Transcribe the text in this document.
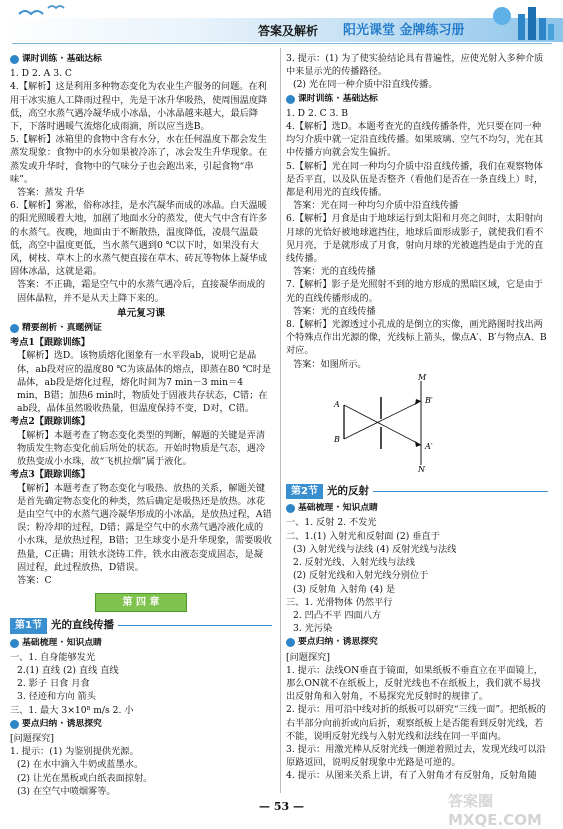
答案及解析 阳光课堂 金牌练习册
课时训练 · 基础达标

1. D 2. A 3. C

4.【解析】这是利用多种物态变化为农业生产服务的问题。在利用干冰实施人工降雨过程中，先是干冰升华吸热，使周围温度降低，高空水蒸气遇冷凝华成小冰晶，小冰晶越来越大，最后降下，下落时遇暖气流熔化成雨滴，所以应当选B。

5.【解析】冰箱里的食物中含有水分，水在任何温度下都会发生蒸发现象：食物中的水分如果被冷冻了，冰会发生升华现象。在蒸发或升华时，食物中的气味分子也会跑出来，引起食物“串味”。

答案：蒸发 升华

6.【解析】雾凇，俗称冰挂，是水汽凝华而成的冰晶。白天温暖的阳光照暖着大地，加剧了地面水分的蒸发，使大气中含有许多的水蒸气。夜晚，地面由于不断散热，温度降低，凌晨气温最低，高空中温度更低，当水蒸气遇到0 ℃以下时，如果没有大风，树枝、草木上的水蒸气便直接在草木、砖瓦等物体上凝华成固体冰晶，这就是霜。

答案：不正确，霜是空气中的水蒸气遇冷后，直接凝华而成的固体晶粒，并不是从天上降下来的。

单元复习课
精要剖析 · 真题例证

考点1【跟踪训练】

【解析】选D。该物质熔化图象有一水平段ab，说明它是晶体，ab段对应的温度80 ℃为该晶体的熔点，即蒸在80 ℃时是晶体，ab段是熔化过程，熔化时间为7 min－3 min＝4 min，B错；加热6 min时，物质处于固液共存状态，C错；在ab段，晶体虽然吸收热量，但温度保持不变，D对，C错。

考点2【跟踪训练】

【解析】本题考查了物态变化类型的判断，解题的关键是弄清物质发生物态变化前后所处的状态。开始时物质是气态，遇冷放热变成小水珠，故“飞机拉烟”属于液化。

考点3【跟踪训练】

【解析】本题考查了物态变化与吸热、放热的关系，解题关键是首先确定物态变化的种类，然后确定是吸热还是放热。冰花是由空气中的水蒸气遇冷凝华形成的小冰晶，是放热过程，A错误；粉冷却的过程，D错；露是空气中的水蒸气遇冷液化成的小水珠，是放热过程，B错；卫生球变小是升华现象，需要吸收热量，C正确；用铁水浇铸工件，铁水由液态变成固态，是凝固过程，此过程放热，D错误。

答案：C

第 四 章
第1节 光的直线传播
基础梳理 · 知识点睛

一、1. 自身能够发光

2.(1) 直线 (2) 直线 直线

2. 影子 日食 月食

3. 径迹和方向 箭头

三、1. 最大 3×10⁸ m/s 2. 小

要点归纳 · 诱思探究

[问题探究]

1. 提示：(1) 为鉴别提供光源。

(2) 在水中滴入牛奶或蓝墨水。

(2) 让光在黑板或白纸表面掠射。

(3) 在空气中喷烟雾等。

3. 提示：(1) 为了使实验结论具有普遍性，应使光射入多种介质中来显示光的传播路径。

(2) 光在同一种介质中沿直线传播。

课时训练 · 基础达标

1. D 2. C 3. B

4.【解析】选D。本题考查光的直线传播条件，光只要在同一种均匀介质中就一定沿直线传播。如果玻璃、空气不均匀，光在其中传播方向就会发生偏折。

5.【解析】光在同一种均匀介质中沿直线传播，我们在观察物体是否平直，以及队伍是否整齐（看他们是否在一条直线上）时，都是利用光的直线传播。

答案：光在同一种均匀介质中沿直线传播

6.【解析】月食是由于地球运行到太阳和月亮之间时，太阳射向月球的光恰好被地球遮挡住，地球后面形成影子，就使我们看不见月亮，于是就形成了月食，射向月球的光被遮挡是由于光的直线传播。

答案：光的直线传播

7.【解析】影子是光照射不到的地方形成的黑暗区域，它是由于光的直线传播形成的。

答案：光的直线传播

8.【解析】光源透过小孔成的是倒立的实像，画光路图时找出两个特殊点作出光源的像，光线标上箭头，像点A′、B′与物点A、B对应。

答案：如图所示。

M
N
A
B
A′
B′
第2节 光的反射
基础梳理 · 知识点睛

一、1. 反射 2. 不发光

二、1.(1) 入射光和反射面 (2) 垂直于

(3) 入射光线与法线 (4) 反射光线与法线

2. 反射光线、入射光线与法线

(2) 反射光线和入射光线分别位于

(3) 反射角 入射角 (4) 是

三、1. 光滑物体 仍然平行

2. 凹凸不平 四面八方

3. 光污染

要点归纳 · 诱思探究

[问题探究]

1. 提示：法线ON垂直于镜面，如果纸板不垂直立在平面镜上，那么ON就不在纸板上，反射光线也不在纸板上，我们就不易找出反射角和入射角，不易探究光反射时的规律了。

2. 提示：用可沿中线对折的纸板可以研究“三线一面”。把纸板的右半部分向前折或向后折，观察纸板上是否能看到反射光线，若不能，说明反射光线与入射光线和法线在同一平面内。

3. 提示：用激光棒从反射光线一侧逆着照过去，发现光线可以沿原路返回，说明反射现象中光路是可逆的。

4. 提示：从图来关系上讲，有了入射角才有反射角，反射角随

— 53 —	答案圈 MXQE.COM
